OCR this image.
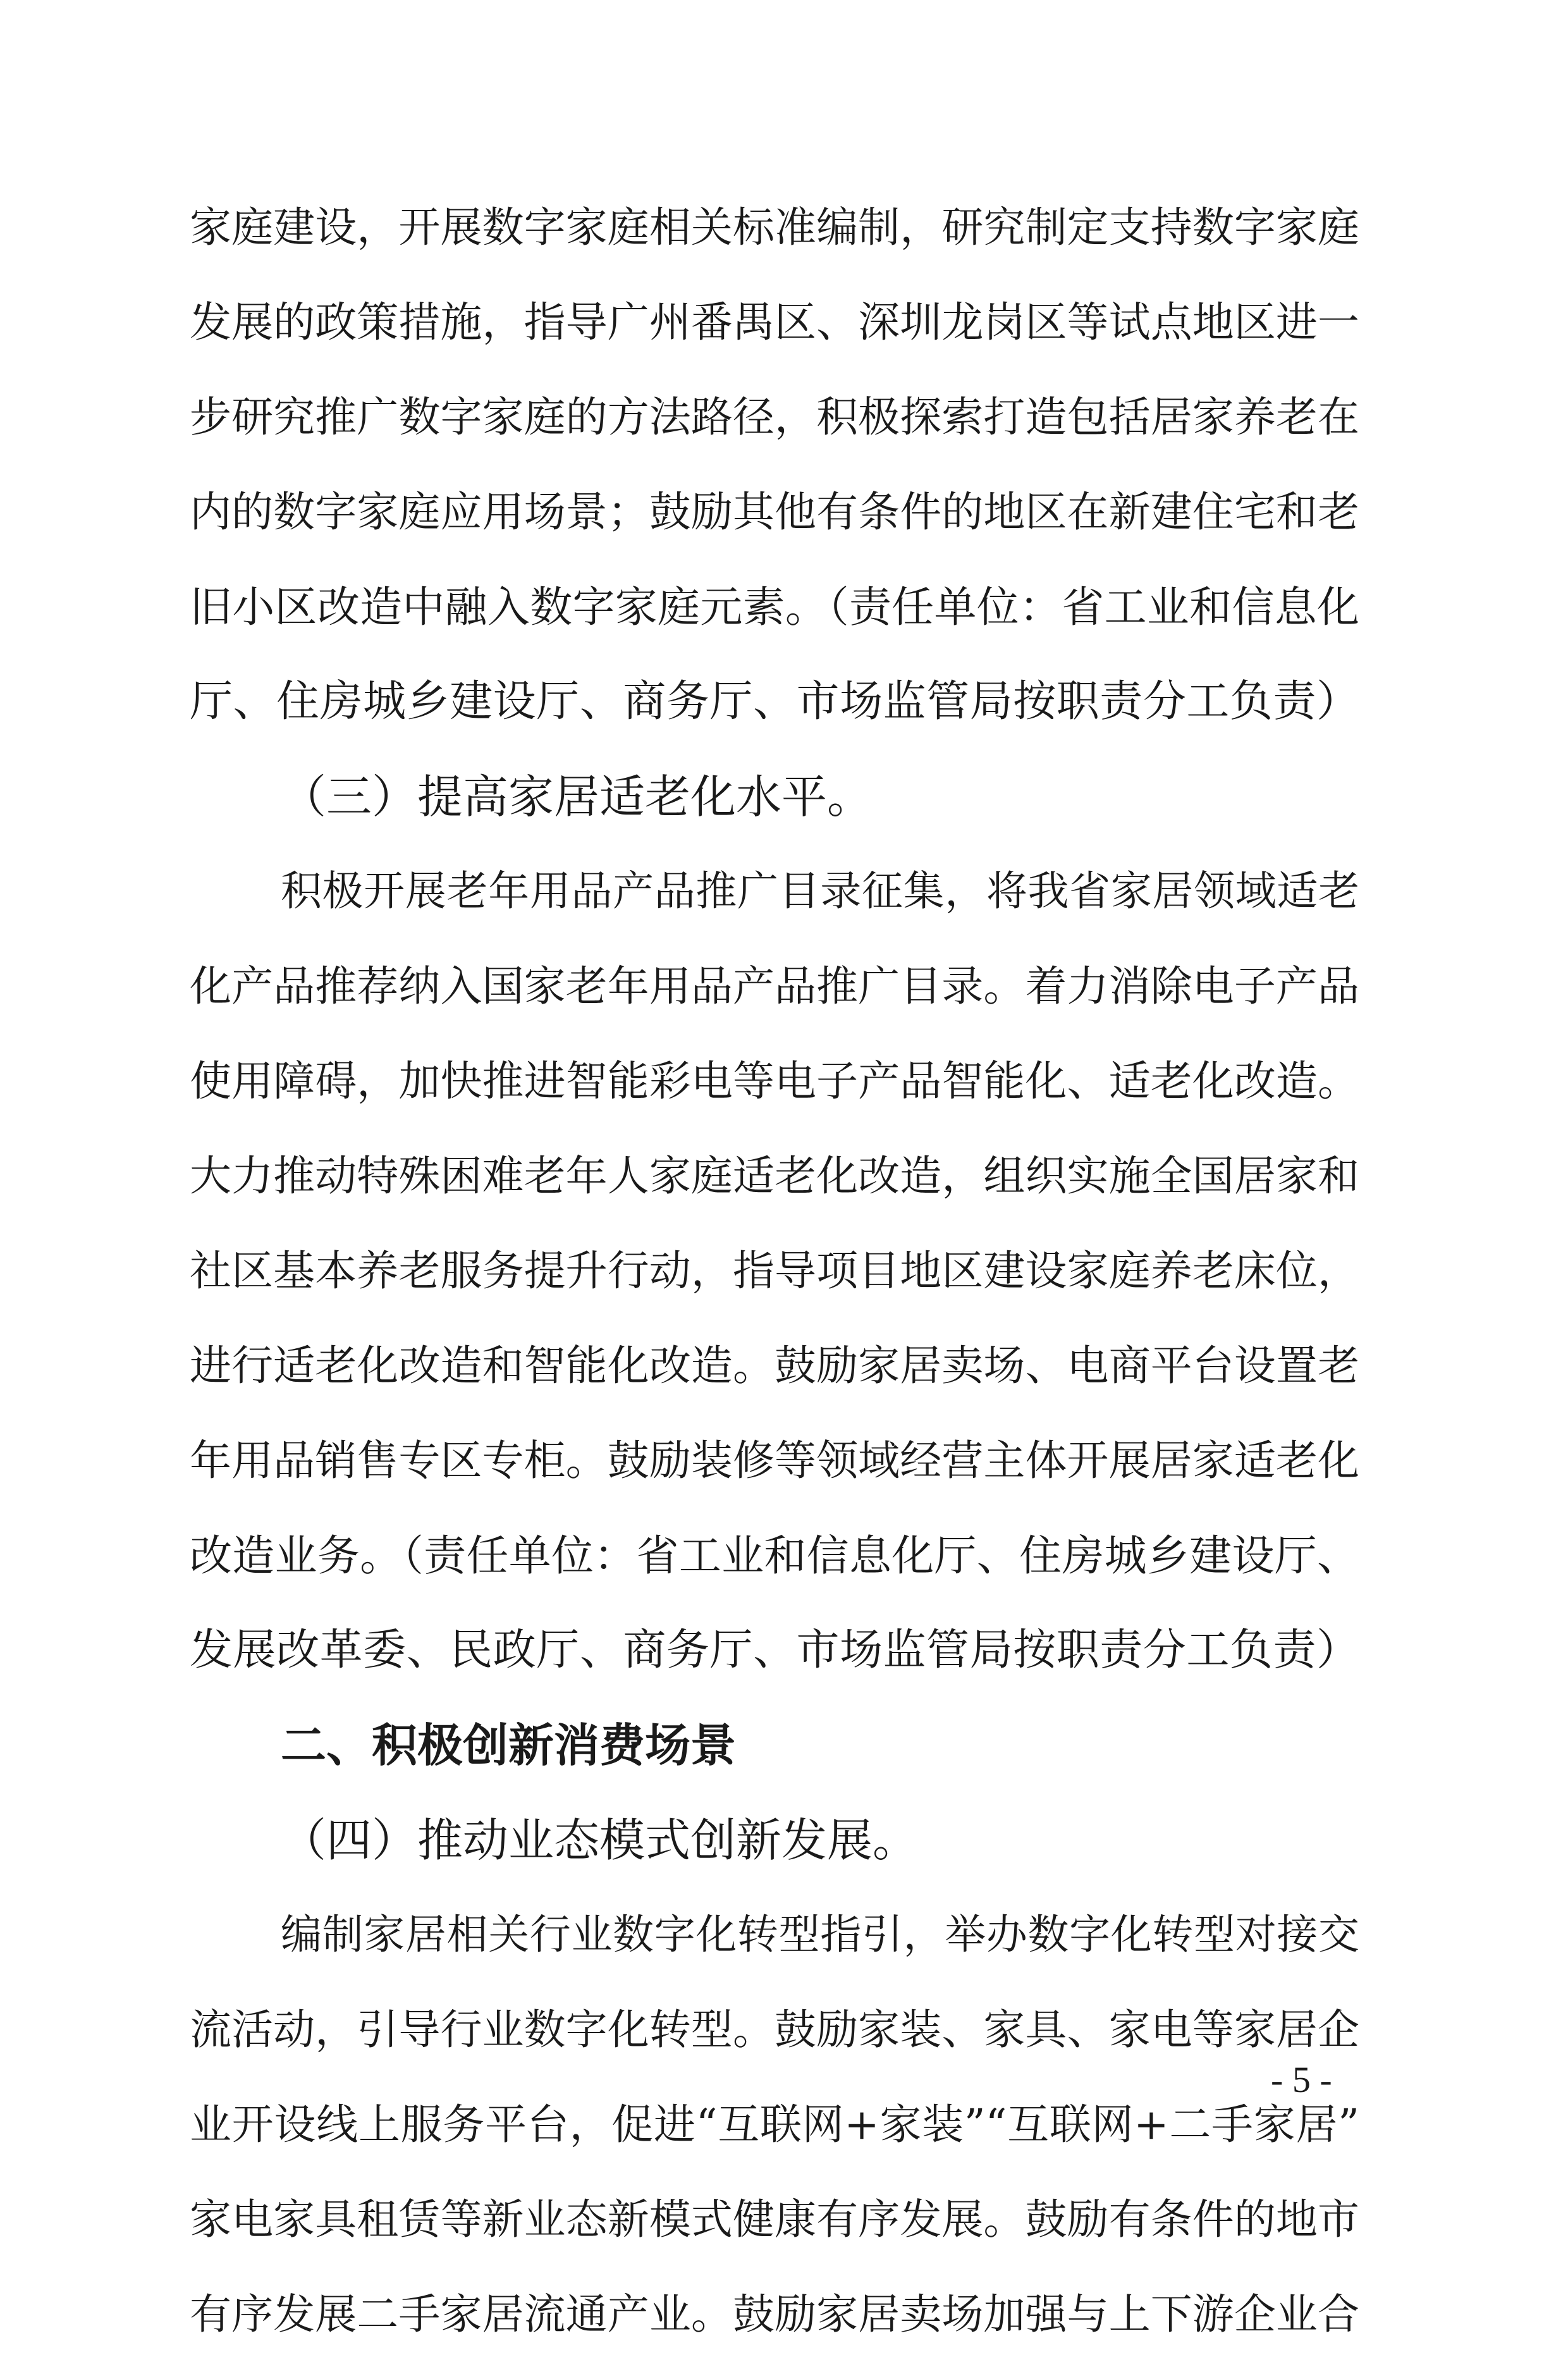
家庭建设，开展数字家庭相关标准编制，研究制定支持数字家庭
发展的政策措施，指导广州番禺区、深圳龙岗区等试点地区进一
步研究推广数字家庭的方法路径，积极探索打造包括居家养老在
内的数字家庭应用场景；鼓励其他有条件的地区在新建住宅和老
旧小区改造中融入数字家庭元素。（责任单位：省工业和信息化
厅、住房城乡建设厅、商务厅、市场监管局按职责分工负责）
（三）提高家居适老化水平。
积极开展老年用品产品推广目录征集，将我省家居领域适老
化产品推荐纳入国家老年用品产品推广目录。着力消除电子产品
使用障碍，加快推进智能彩电等电子产品智能化、适老化改造。
大力推动特殊困难老年人家庭适老化改造，组织实施全国居家和
社区基本养老服务提升行动，指导项目地区建设家庭养老床位，
进行适老化改造和智能化改造。鼓励家居卖场、电商平台设置老
年用品销售专区专柜。鼓励装修等领域经营主体开展居家适老化
改造业务。（责任单位：省工业和信息化厅、住房城乡建设厅、
发展改革委、民政厅、商务厅、市场监管局按职责分工负责）
二、积极创新消费场景
（四）推动业态模式创新发展。
编制家居相关行业数字化转型指引，举办数字化转型对接交
流活动，引导行业数字化转型。鼓励家装、家具、家电等家居企
业开设线上服务平台，促进“互联网+家装”“互联网+二手家居”
家电家具租赁等新业态新模式健康有序发展。鼓励有条件的地市
有序发展二手家居流通产业。鼓励家居卖场加强与上下游企业合
- 5 -
